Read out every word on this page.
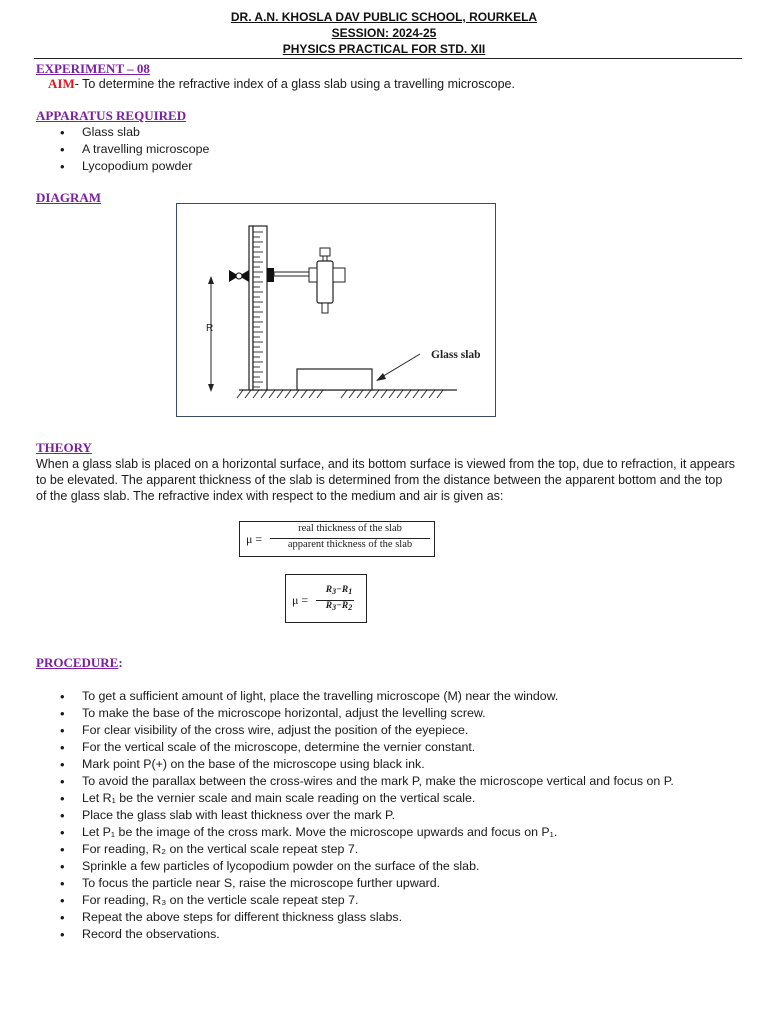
DR. A.N. KHOSLA DAV PUBLIC SCHOOL, ROURKELA
SESSION: 2024-25
PHYSICS PRACTICAL FOR STD. XII
EXPERIMENT – 08
AIM- To determine the refractive index of a glass slab using a travelling microscope.
APPARATUS REQUIRED
• Glass slab
• A travelling microscope
• Lycopodium powder
DIAGRAM
Glass slab
R
THEORY
When a glass slab is placed on a horizontal surface, and its bottom surface is viewed from the top, due to refraction, it appears to be elevated. The apparent thickness of the slab is determined from the distance between the apparent bottom and the top of the glass slab. The refractive index with respect to the medium and air is given as:
μ =
real thickness of the slab
apparent thickness of the slab
μ =
$R_3-R_1$
$R_3-R_2$
PROCEDURE:
• To get a sufficient amount of light, place the travelling microscope (M) near the window.
• To make the base of the microscope horizontal, adjust the levelling screw.
• For clear visibility of the cross wire, adjust the position of the eyepiece.
• For the vertical scale of the microscope, determine the vernier constant.
• Mark point P(+) on the base of the microscope using black ink.
• To avoid the parallax between the cross-wires and the mark P, make the microscope vertical and focus on P.
• Let R₁ be the vernier scale and main scale reading on the vertical scale.
• Place the glass slab with least thickness over the mark P.
• Let P₁ be the image of the cross mark. Move the microscope upwards and focus on P₁.
• For reading, R₂ on the vertical scale repeat step 7.
• Sprinkle a few particles of lycopodium powder on the surface of the slab.
• To focus the particle near S, raise the microscope further upward.
• For reading, R₃ on the verticle scale repeat step 7.
• Repeat the above steps for different thickness glass slabs.
• Record the observations.
